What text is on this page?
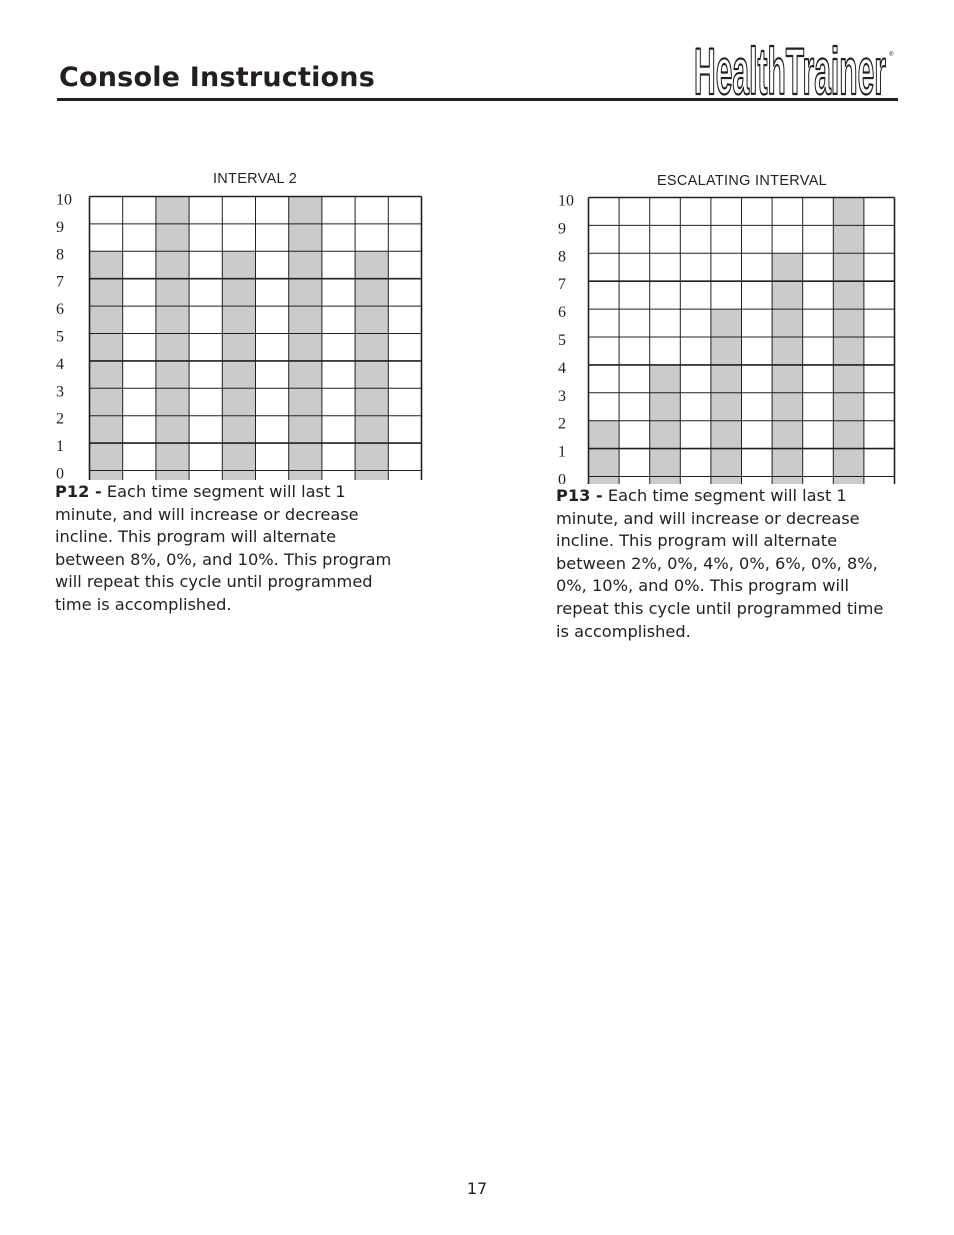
Console Instructions	HealthTrainer ®
INTERVAL 2
10
9
8
7
6
5
4
3
2
1
0

P12 - Each time segment will last 1 minute, and will increase or decrease incline. This program will alternate between 8%, 0%, and 10%. This program will repeat this cycle until programmed time is accomplished.

ESCALATING INTERVAL
10
9
8
7
6
5
4
3
2
1
0

P13 - Each time segment will last 1 minute, and will increase or decrease incline. This program will alternate between 2%, 0%, 4%, 0%, 6%, 0%, 8%, 0%, 10%, and 0%. This program will repeat this cycle until programmed time is accomplished.

17
